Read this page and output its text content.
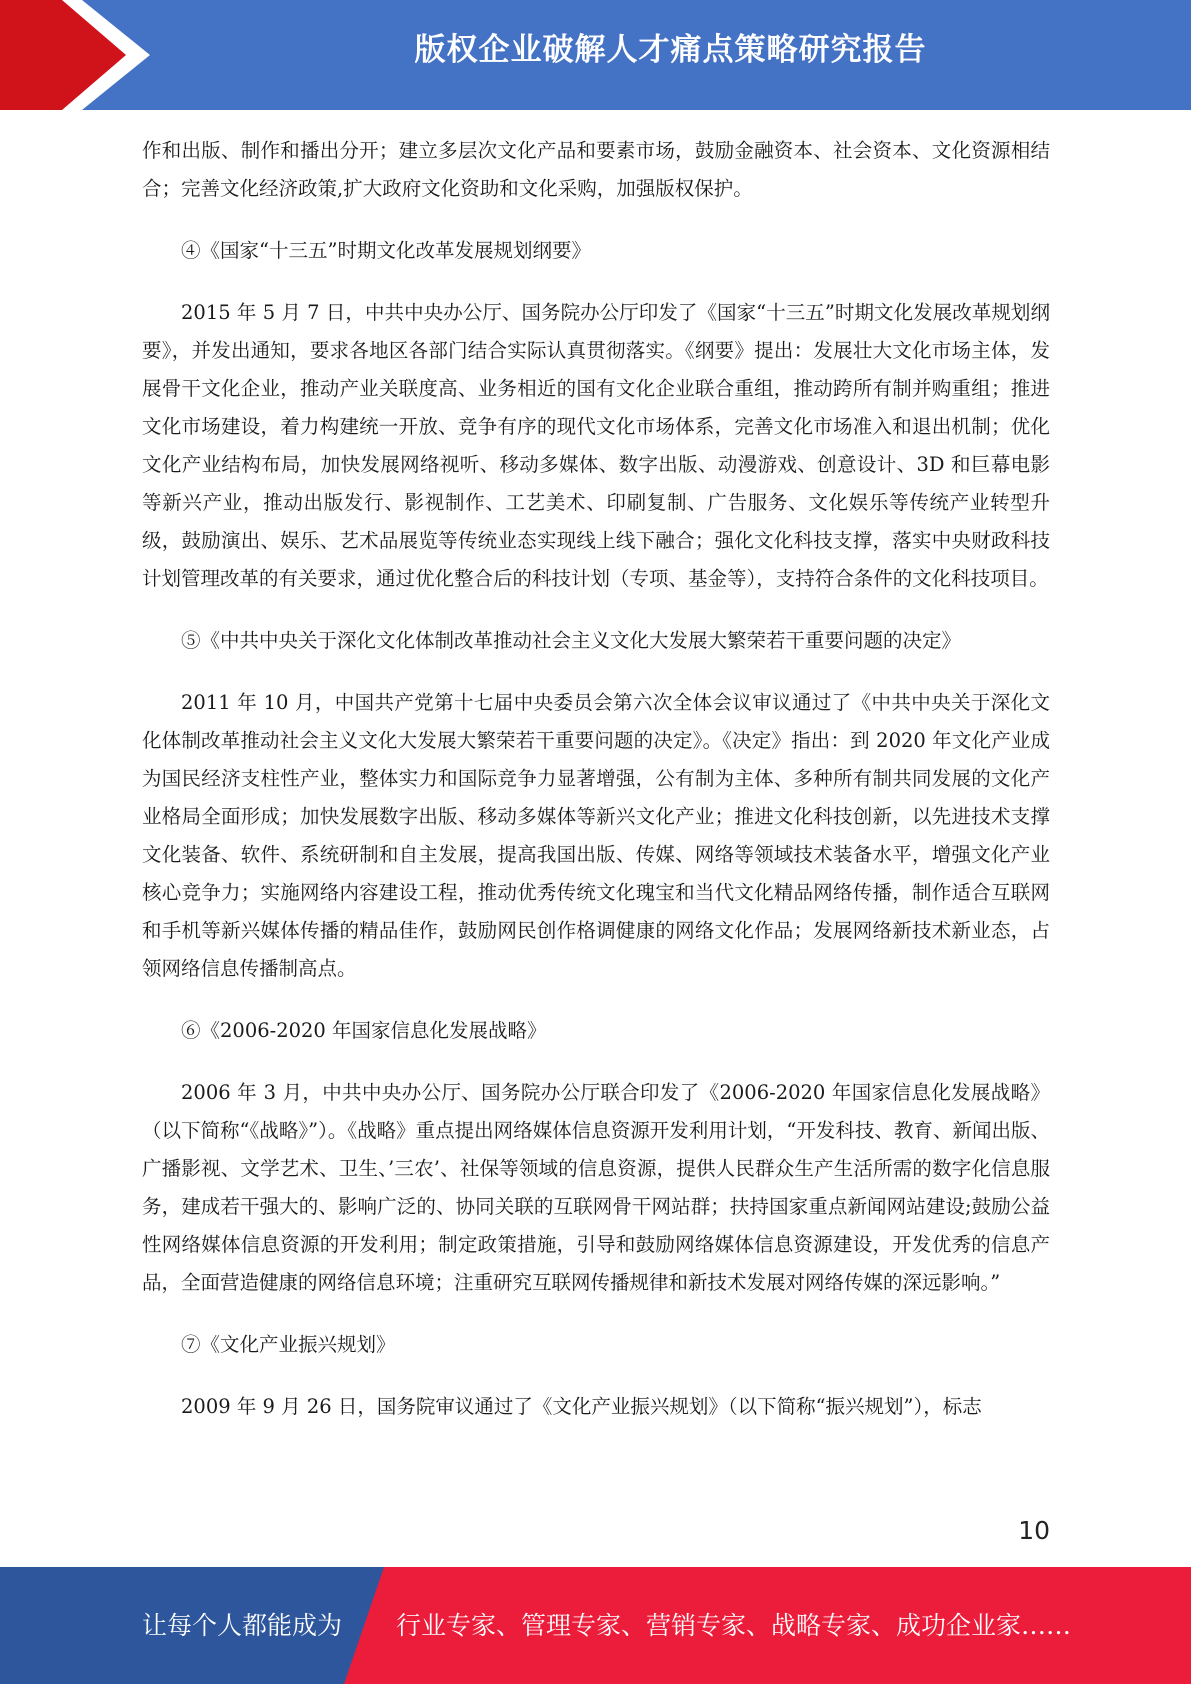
版权企业破解人才痛点策略研究报告

作和出版、制作和播出分开；建立多层次文化产品和要素市场，鼓励金融资本、社会资本、文化资源相结合；完善文化经济政策,扩大政府文化资助和文化采购，加强版权保护。

④《国家“十三五”时期文化改革发展规划纲要》

2015 年 5 月 7 日，中共中央办公厅、国务院办公厅印发了《国家“十三五”时期文化发展改革规划纲要》，并发出通知，要求各地区各部门结合实际认真贯彻落实。《纲要》提出：发展壮大文化市场主体，发展骨干文化企业，推动产业关联度高、业务相近的国有文化企业联合重组，推动跨所有制并购重组；推进文化市场建设，着力构建统一开放、竞争有序的现代文化市场体系，完善文化市场准入和退出机制；优化文化产业结构布局，加快发展网络视听、移动多媒体、数字出版、动漫游戏、创意设计、3D 和巨幕电影等新兴产业，推动出版发行、影视制作、工艺美术、印刷复制、广告服务、文化娱乐等传统产业转型升级，鼓励演出、娱乐、艺术品展览等传统业态实现线上线下融合；强化文化科技支撑，落实中央财政科技计划管理改革的有关要求，通过优化整合后的科技计划（专项、基金等），支持符合条件的文化科技项目。

⑤《中共中央关于深化文化体制改革推动社会主义文化大发展大繁荣若干重要问题的决定》

2011 年 10 月，中国共产党第十七届中央委员会第六次全体会议审议通过了《中共中央关于深化文化体制改革推动社会主义文化大发展大繁荣若干重要问题的决定》。《决定》指出：到 2020 年文化产业成为国民经济支柱性产业，整体实力和国际竞争力显著增强，公有制为主体、多种所有制共同发展的文化产业格局全面形成；加快发展数字出版、移动多媒体等新兴文化产业；推进文化科技创新，以先进技术支撑文化装备、软件、系统研制和自主发展，提高我国出版、传媒、网络等领域技术装备水平，增强文化产业核心竞争力；实施网络内容建设工程，推动优秀传统文化瑰宝和当代文化精品网络传播，制作适合互联网和手机等新兴媒体传播的精品佳作，鼓励网民创作格调健康的网络文化作品；发展网络新技术新业态，占领网络信息传播制高点。

⑥《2006-2020 年国家信息化发展战略》

2006 年 3 月，中共中央办公厅、国务院办公厅联合印发了《2006-2020 年国家信息化发展战略》（以下简称“《战略》”）。《战略》重点提出网络媒体信息资源开发利用计划，“开发科技、教育、新闻出版、广播影视、文学艺术、卫生、’三农’、社保等领域的信息资源，提供人民群众生产生活所需的数字化信息服务，建成若干强大的、影响广泛的、协同关联的互联网骨干网站群；扶持国家重点新闻网站建设;鼓励公益性网络媒体信息资源的开发利用；制定政策措施，引导和鼓励网络媒体信息资源建设，开发优秀的信息产品，全面营造健康的网络信息环境；注重研究互联网传播规律和新技术发展对网络传媒的深远影响。”

⑦《文化产业振兴规划》

2009 年 9 月 26 日，国务院审议通过了《文化产业振兴规划》（以下简称“振兴规划”），标志

10
让每个人都能成为 行业专家、管理专家、营销专家、战略专家、成功企业家……
